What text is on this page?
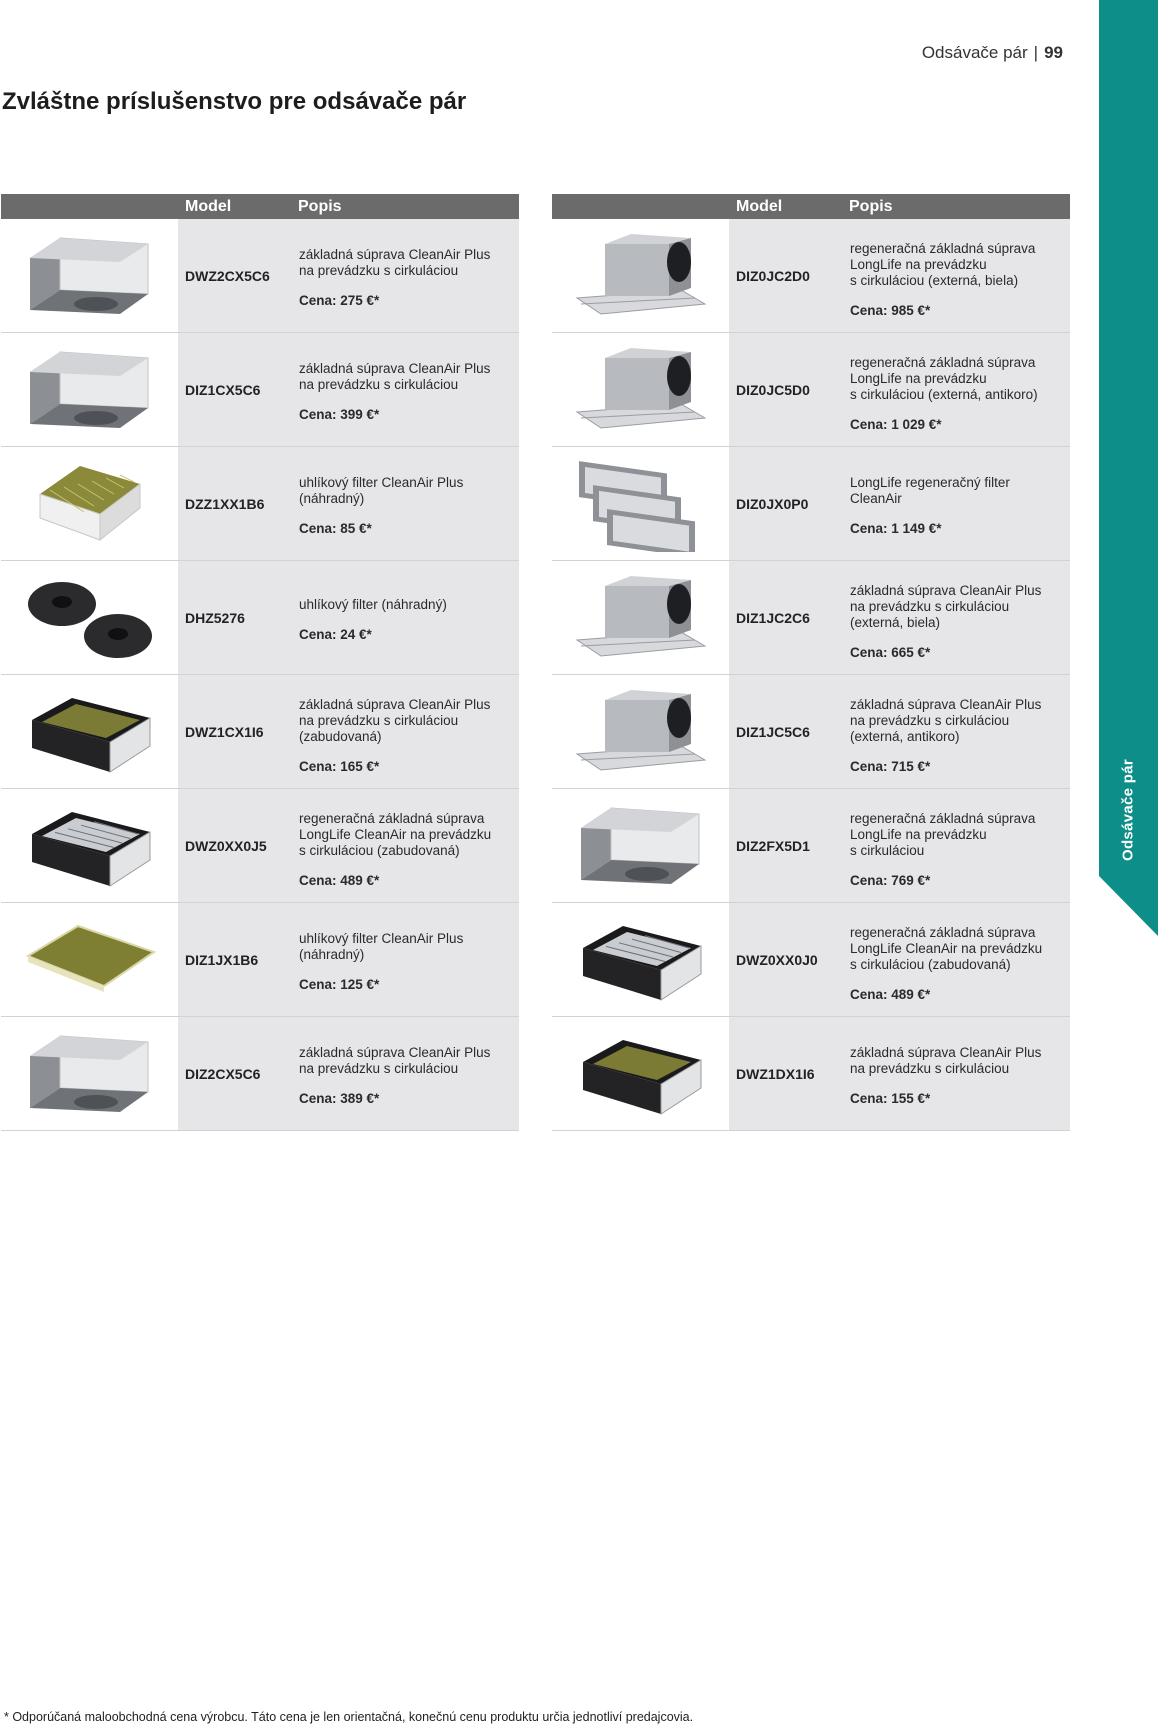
Odsávače pár
Odsávače pár | 99
Zvláštne príslušenstvo pre odsávače pár
Model	Popis
DWZ2CX5C6
základná súprava CleanAir Plus
na prevádzku s cirkuláciou
Cena: 275 €*
DIZ1CX5C6
základná súprava CleanAir Plus
na prevádzku s cirkuláciou
Cena: 399 €*
DZZ1XX1B6
uhlíkový filter CleanAir Plus
(náhradný)
Cena: 85 €*
DHZ5276
uhlíkový filter (náhradný)
Cena: 24 €*
DWZ1CX1I6
základná súprava CleanAir Plus
na prevádzku s cirkuláciou
(zabudovaná)
Cena: 165 €*
DWZ0XX0J5
regeneračná základná súprava
LongLife CleanAir na prevádzku
s cirkuláciou (zabudovaná)
Cena: 489 €*
DIZ1JX1B6
uhlíkový filter CleanAir Plus
(náhradný)
Cena: 125 €*
DIZ2CX5C6
základná súprava CleanAir Plus
na prevádzku s cirkuláciou
Cena: 389 €*
Model	Popis
DIZ0JC2D0
regeneračná základná súprava
LongLife na prevádzku
s cirkuláciou (externá, biela)
Cena: 985 €*
DIZ0JC5D0
regeneračná základná súprava
LongLife na prevádzku
s cirkuláciou (externá, antikoro)
Cena: 1 029 €*
DIZ0JX0P0
LongLife regeneračný filter
CleanAir
Cena: 1 149 €*
DIZ1JC2C6
základná súprava CleanAir Plus
na prevádzku s cirkuláciou
(externá, biela)
Cena: 665 €*
DIZ1JC5C6
základná súprava CleanAir Plus
na prevádzku s cirkuláciou
(externá, antikoro)
Cena: 715 €*
DIZ2FX5D1
regeneračná základná súprava
LongLife na prevádzku
s cirkuláciou
Cena: 769 €*
DWZ0XX0J0
regeneračná základná súprava
LongLife CleanAir na prevádzku
s cirkuláciou (zabudovaná)
Cena: 489 €*
DWZ1DX1I6
základná súprava CleanAir Plus
na prevádzku s cirkuláciou
Cena: 155 €*
* Odporúčaná maloobchodná cena výrobcu. Táto cena je len orientačná, konečnú cenu produktu určia jednotliví predajcovia.
